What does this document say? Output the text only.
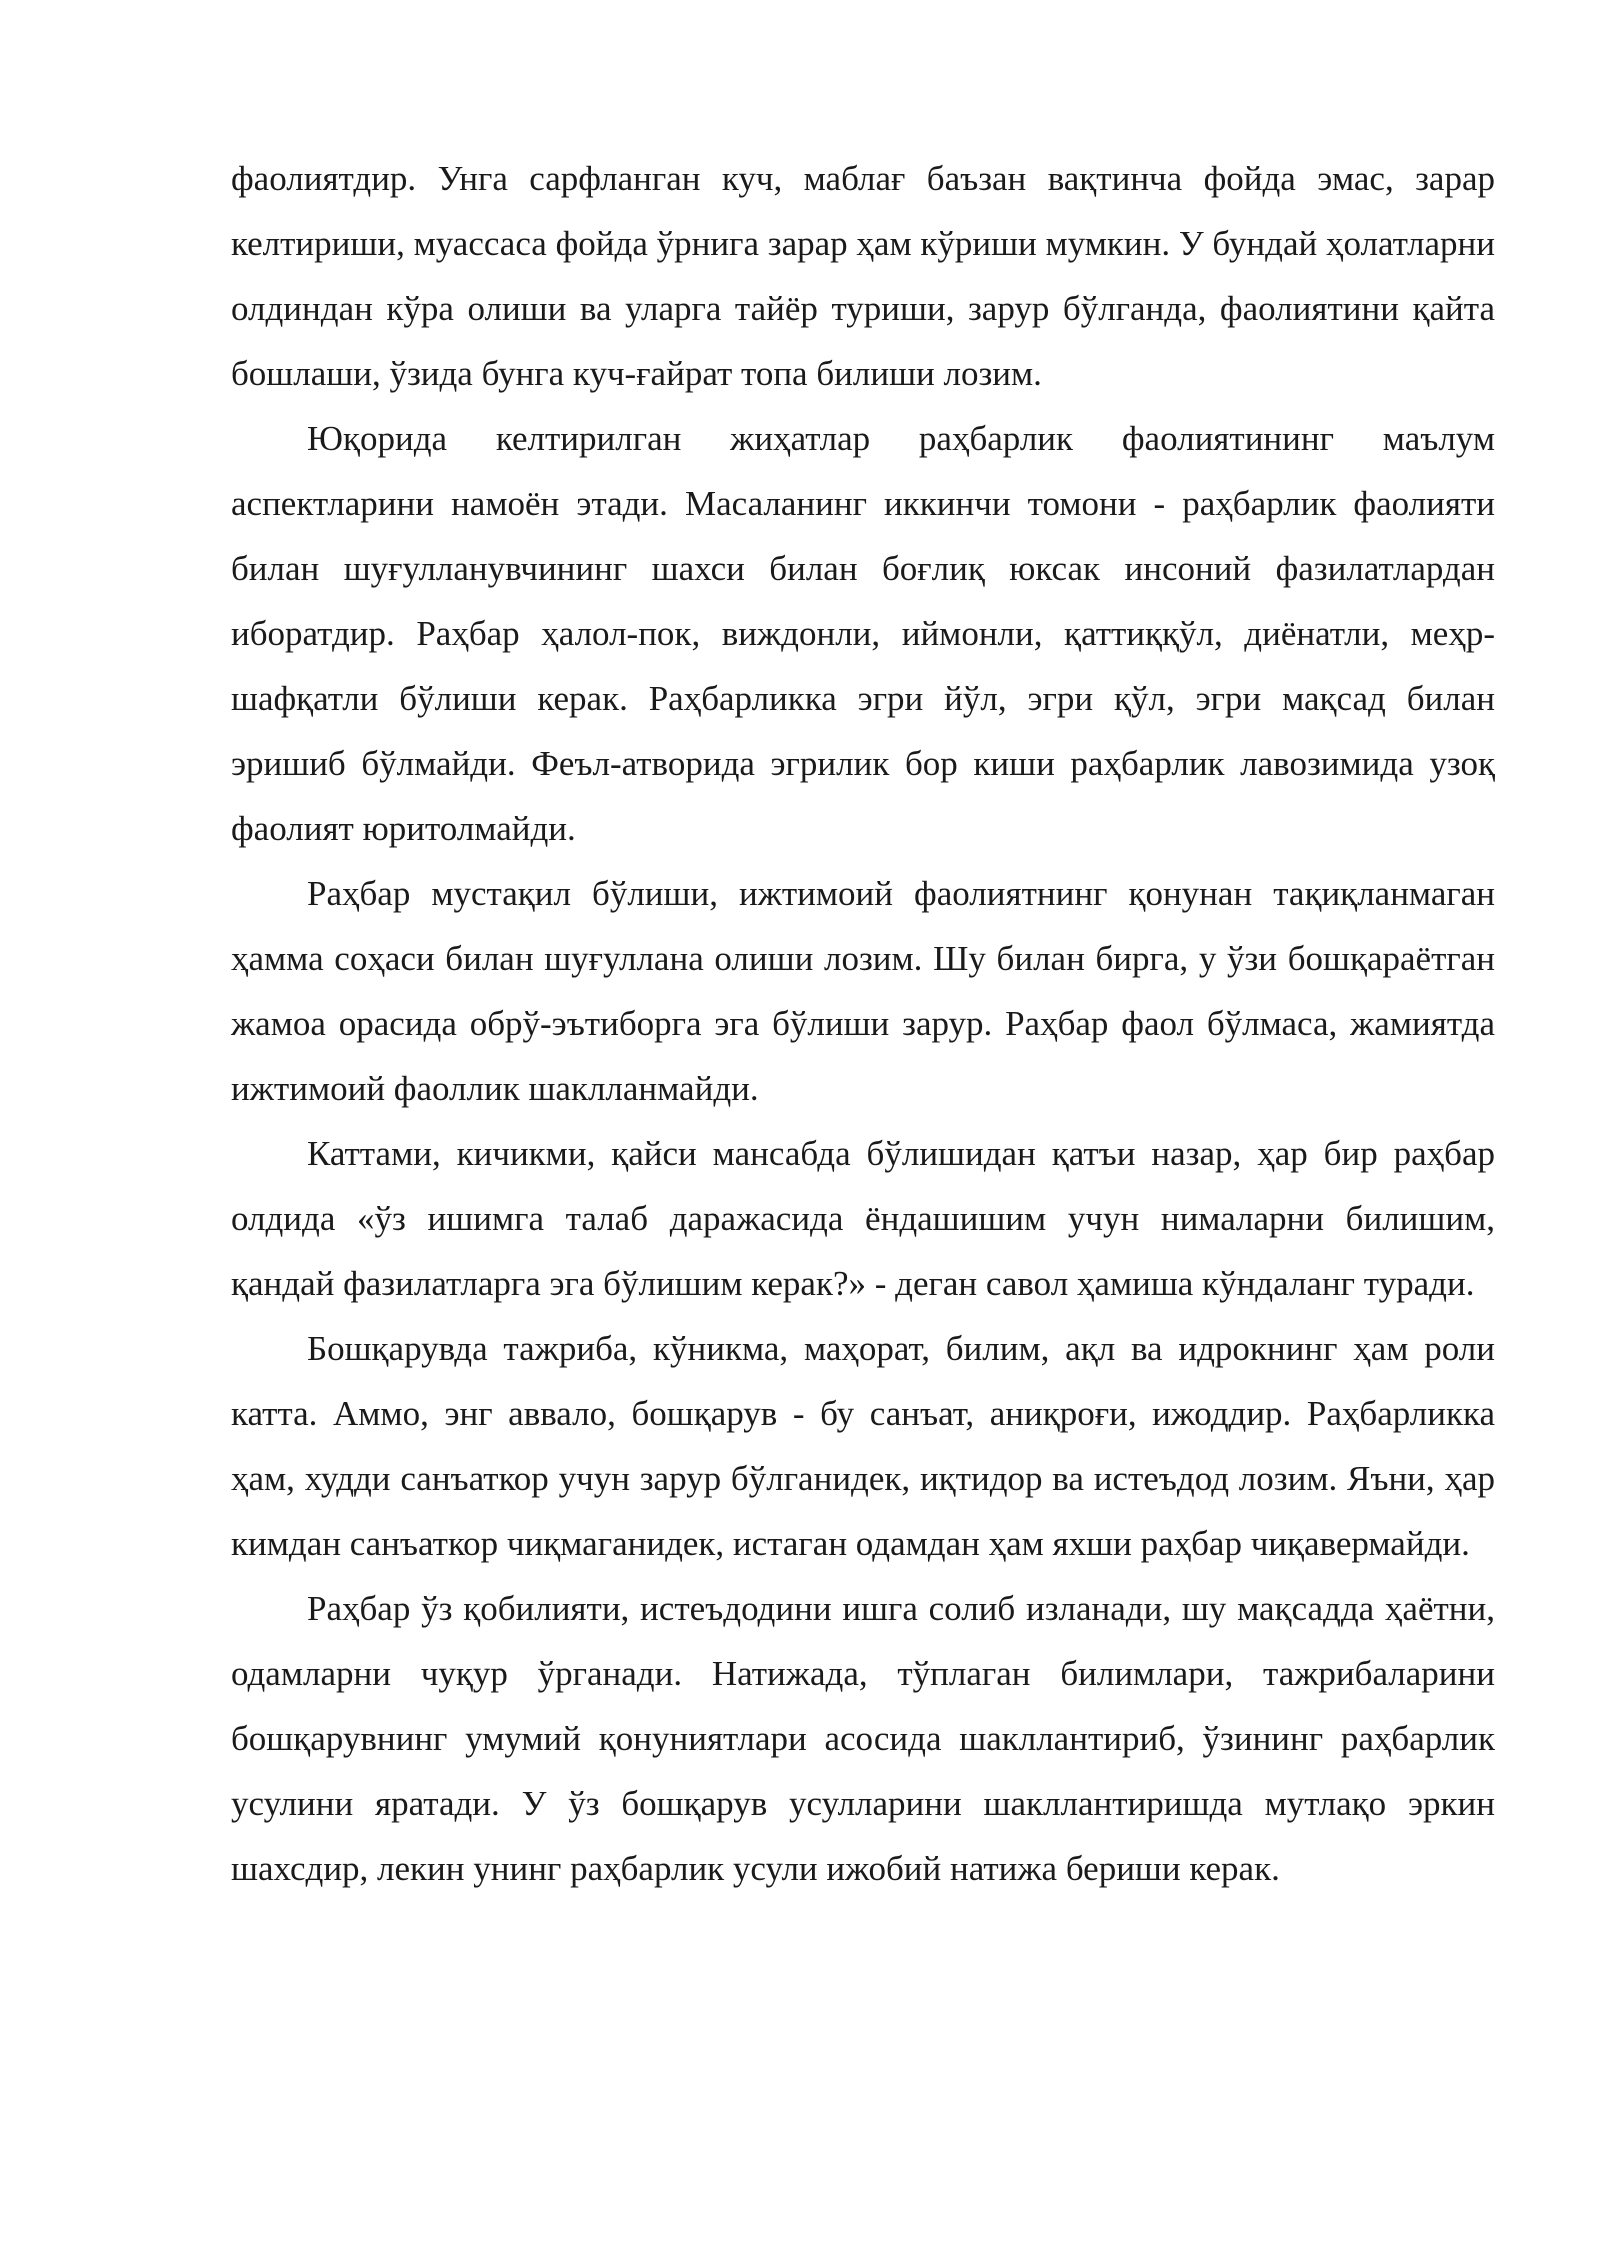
фаолиятдир. Унга сарфланган куч, маблағ баъзан вақтинча фойда эмас, зарар келтириши, муассаса фойда ўрнига зарар ҳам кўриши мумкин. У бундай ҳолатларни олдиндан кўра олиши ва уларга тайёр туриши, зарур бўлганда, фаолиятини қайта бошлаши, ўзида бунга куч-ғайрат топа билиши лозим.

Юқорида келтирилган жиҳатлар раҳбарлик фаолиятининг маълум аспектларини намоён этади. Масаланинг иккинчи томони - раҳбарлик фаолияти билан шуғулланувчининг шахси билан боғлиқ юксак инсоний фазилатлардан иборатдир. Раҳбар ҳалол-пок, виждонли, иймонли, қаттиққўл, диёнатли, меҳр-шафқатли бўлиши керак. Раҳбарликка эгри йўл, эгри қўл, эгри мақсад билан эришиб бўлмайди. Феъл-атворида эгрилик бор киши раҳбарлик лавозимида узоқ фаолият юритолмайди.

Раҳбар мустақил бўлиши, ижтимоий фаолиятнинг қонунан тақиқланмаган ҳамма соҳаси билан шуғуллана олиши лозим. Шу билан бирга, у ўзи бошқараётган жамоа орасида обрў-эътиборга эга бўлиши зарур. Раҳбар фаол бўлмаса, жамиятда ижтимоий фаоллик шаклланмайди.

Каттами, кичикми, қайси мансабда бўлишидан қатъи назар, ҳар бир раҳбар олдида «ўз ишимга талаб даражасида ёндашишим учун нималарни билишим, қандай фазилатларга эга бўлишим керак?» - деган савол ҳамиша кўндаланг туради.

Бошқарувда тажриба, кўникма, маҳорат, билим, ақл ва идрокнинг ҳам роли катта. Аммо, энг аввало, бошқарув - бу санъат, аниқроғи, ижоддир. Раҳбарликка ҳам, худди санъаткор учун зарур бўлганидек, иқтидор ва истеъдод лозим. Яъни, ҳар кимдан санъаткор чиқмаганидек, истаган одамдан ҳам яхши раҳбар чиқавермайди.

Раҳбар ўз қобилияти, истеъдодини ишга солиб изланади, шу мақсадда ҳаётни, одамларни чуқур ўрганади. Натижада, тўплаган билимлари, тажрибаларини бошқарувнинг умумий қонуниятлари асосида шакллантириб, ўзининг раҳбарлик усулини яратади. У ўз бошқарув усулларини шакллантиришда мутлақо эркин шахсдир, лекин унинг раҳбарлик усули ижобий натижа бериши керак.
